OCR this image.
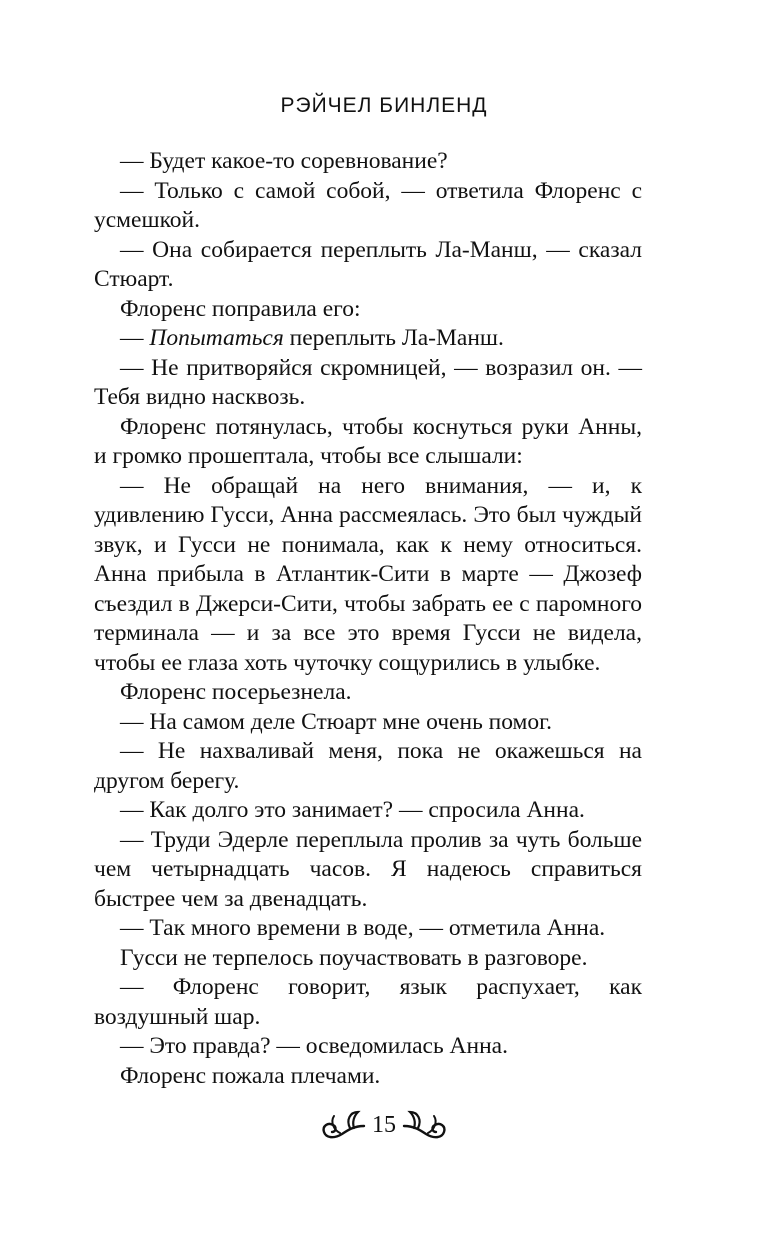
РЭЙЧЕЛ БИНЛЕНД

— Будет какое-то соревнование?

— Только с самой собой, — ответила Флоренс с усмешкой.

— Она собирается переплыть Ла-Манш, — сказал Стюарт.

Флоренс поправила его:

— Попытаться переплыть Ла-Манш.

— Не притворяйся скромницей, — возразил он. — Тебя видно насквозь.

Флоренс потянулась, чтобы коснуться руки Анны, и громко прошептала, чтобы все слышали:

— Не обращай на него внимания, — и, к удивлению Гусси, Анна рассмеялась. Это был чуждый звук, и Гусси не понимала, как к нему относиться. Анна прибыла в Атлантик-Сити в марте — Джозеф съездил в Джерси-Сити, чтобы забрать ее с паромного терминала — и за все это время Гусси не видела, чтобы ее глаза хоть чуточку сощурились в улыбке.

Флоренс посерьезнела.

— На самом деле Стюарт мне очень помог.

— Не нахваливай меня, пока не окажешься на другом берегу.

— Как долго это занимает? — спросила Анна.

— Труди Эдерле переплыла пролив за чуть больше чем четырнадцать часов. Я надеюсь справиться быстрее чем за двенадцать.

— Так много времени в воде, — отметила Анна.

Гусси не терпелось поучаствовать в разговоре.

— Флоренс говорит, язык распухает, как воздушный шар.

— Это правда? — осведомилась Анна.

Флоренс пожала плечами.

15
